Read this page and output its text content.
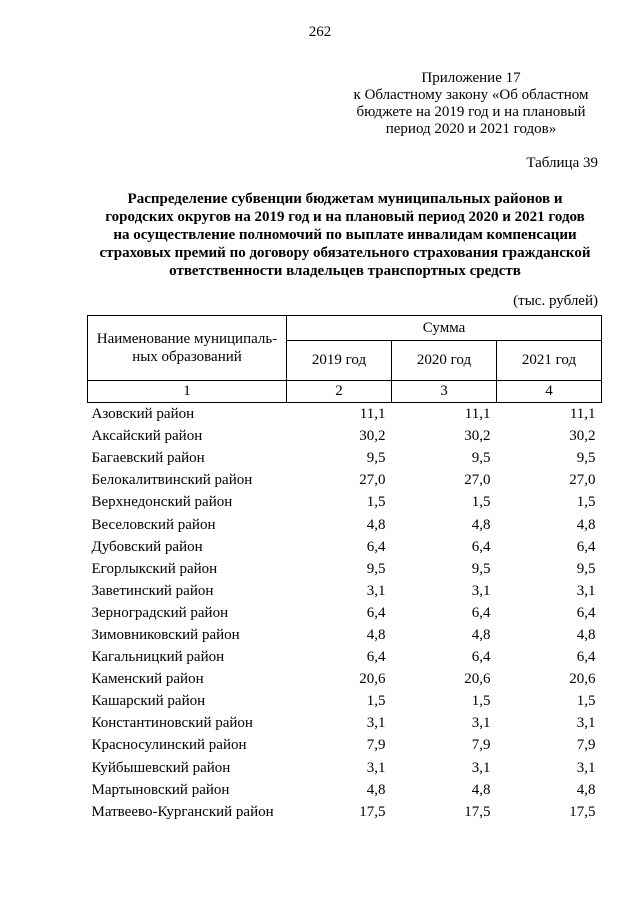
262
Приложение 17
к Областному закону «Об областном
бюджете на 2019 год и на плановый
период 2020 и 2021 годов»
Таблица 39
Распределение субвенции бюджетам муниципальных районов и
городских округов на 2019 год и на плановый период 2020 и 2021 годов
на осуществление полномочий по выплате инвалидам компенсации
страховых премий по договору обязательного страхования гражданской
ответственности владельцев транспортных средств
(тыс. рублей)
Наименование муниципаль-
ных образований	Сумма		
	2019 год	2020 год	2021 год
1	2	3	4
Азовский район	11,1	11,1	11,1
Аксайский район	30,2	30,2	30,2
Багаевский район	9,5	9,5	9,5
Белокалитвинский район	27,0	27,0	27,0
Верхнедонский район	1,5	1,5	1,5
Веселовский район	4,8	4,8	4,8
Дубовский район	6,4	6,4	6,4
Егорлыкский район	9,5	9,5	9,5
Заветинский район	3,1	3,1	3,1
Зерноградский район	6,4	6,4	6,4
Зимовниковский район	4,8	4,8	4,8
Кагальницкий район	6,4	6,4	6,4
Каменский район	20,6	20,6	20,6
Кашарский район	1,5	1,5	1,5
Константиновский район	3,1	3,1	3,1
Красносулинский район	7,9	7,9	7,9
Куйбышевский район	3,1	3,1	3,1
Мартыновский район	4,8	4,8	4,8
Матвеево-Курганский район	17,5	17,5	17,5
